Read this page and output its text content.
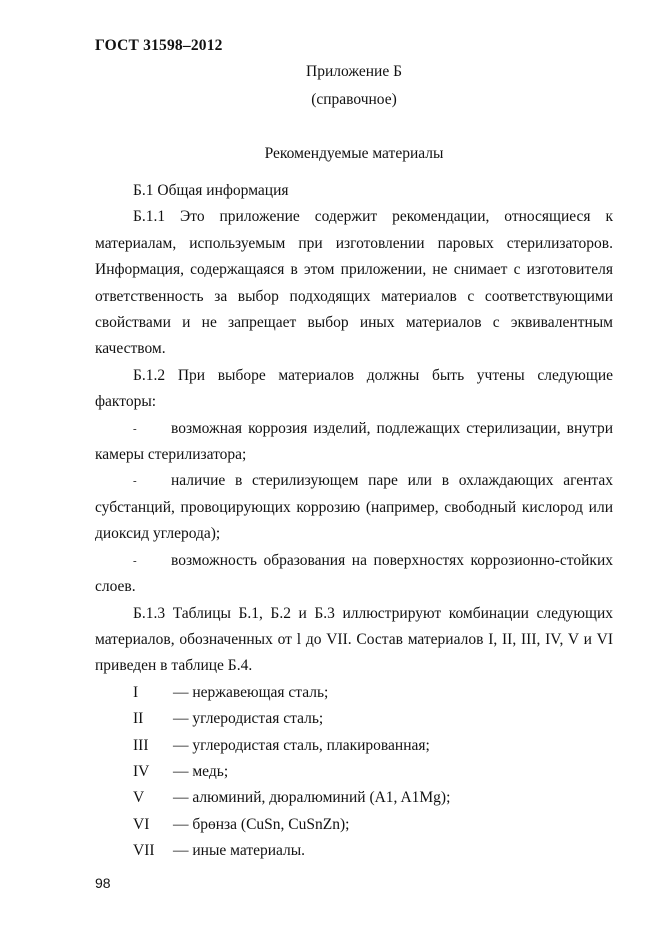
ГОСТ 31598–2012
Приложение Б
(справочное)
Рекомендуемые материалы

Б.1 Общая информация

Б.1.1 Это приложение содержит рекомендации, относящиеся к материалам, используемым при изготовлении паровых стерилизаторов. Информация, содержащаяся в этом приложении, не снимает с изготовителя ответственность за выбор подходящих материалов с соответствующими свойствами и не запрещает выбор иных материалов с эквивалентным качеством.

Б.1.2 При выборе материалов должны быть учтены следующие факторы:

- возможная коррозия изделий, подлежащих стерилизации, внутри камеры стерилизатора;

- наличие в стерилизующем паре или в охлаждающих агентах субстанций, провоцирующих коррозию (например, свободный кислород или диоксид углерода);

- возможность образования на поверхностях коррозионно-стойких слоев.

Б.1.3 Таблицы Б.1, Б.2 и Б.3 иллюстрируют комбинации следующих материалов, обозначенных от l до VII. Состав материалов I, II, III, IV, V и VI приведен в таблице Б.4.

I	— нержавеющая сталь;
II	— углеродистая сталь;
III	— углеродистая сталь, плакированная;
IV	— медь;
V	— алюминий, дюралюминий (A1, A1Mg);
VI	— брөнза (CuSn, CuSnZn);
VII	— иные материалы.
98
